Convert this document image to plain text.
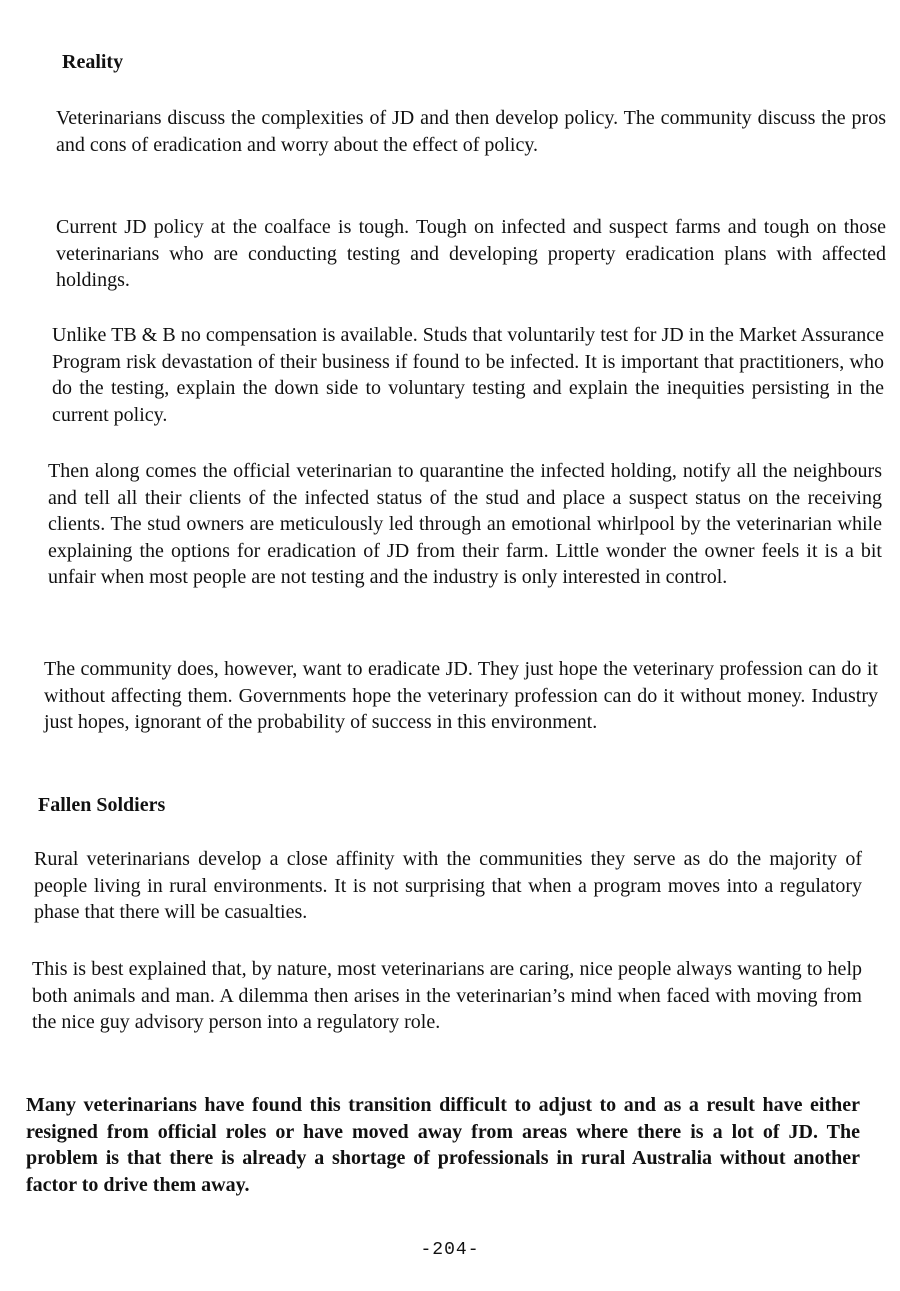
Reality

Veterinarians discuss the complexities of JD and then develop policy. The community discuss the pros and cons of eradication and worry about the effect of policy.

Current JD policy at the coalface is tough. Tough on infected and suspect farms and tough on those veterinarians who are conducting testing and developing property eradication plans with affected holdings.

Unlike TB & B no compensation is available. Studs that voluntarily test for JD in the Market Assurance Program risk devastation of their business if found to be infected. It is important that practitioners, who do the testing, explain the down side to voluntary testing and explain the inequities persisting in the current policy.

Then along comes the official veterinarian to quarantine the infected holding, notify all the neighbours and tell all their clients of the infected status of the stud and place a suspect status on the receiving clients. The stud owners are meticulously led through an emotional whirlpool by the veterinarian while explaining the options for eradication of JD from their farm. Little wonder the owner feels it is a bit unfair when most people are not testing and the industry is only interested in control.

The community does, however, want to eradicate JD. They just hope the veterinary profession can do it without affecting them. Governments hope the veterinary profession can do it without money. Industry just hopes, ignorant of the probability of success in this environment.

Fallen Soldiers

Rural veterinarians develop a close affinity with the communities they serve as do the majority of people living in rural environments. It is not surprising that when a program moves into a regulatory phase that there will be casualties.

This is best explained that, by nature, most veterinarians are caring, nice people always wanting to help both animals and man. A dilemma then arises in the veterinarian’s mind when faced with moving from the nice guy advisory person into a regulatory role.

Many veterinarians have found this transition difficult to adjust to and as a result have either resigned from official roles or have moved away from areas where there is a lot of JD. The problem is that there is already a shortage of professionals in rural Australia without another factor to drive them away.

-204-
